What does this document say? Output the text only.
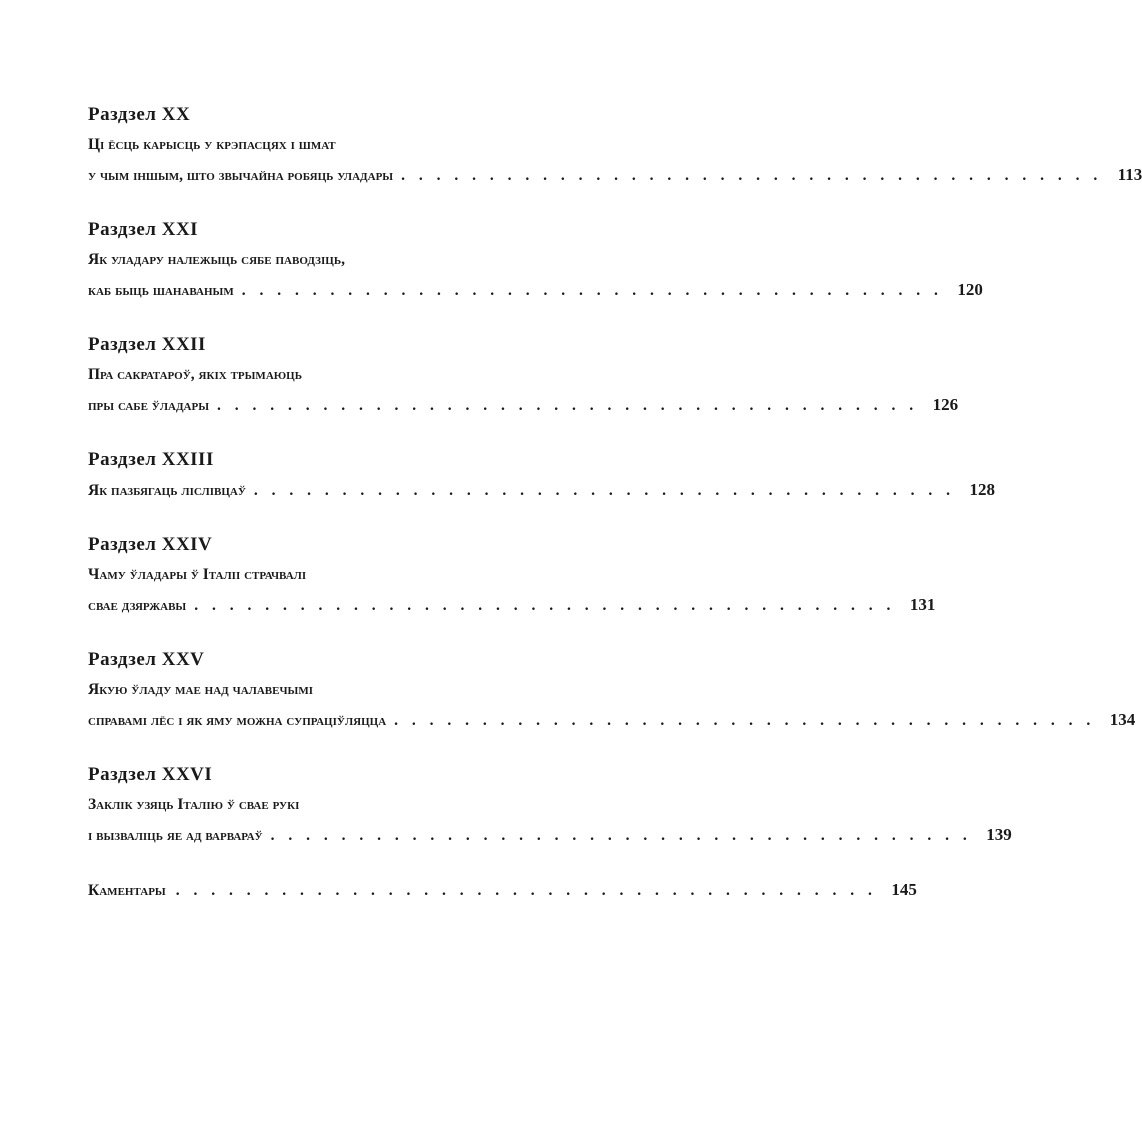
Раздзел XX
Ці ёсць карысць у крэпасцях і шмат
у чым іншым, што звычайна робяць уладары . . . . . . . . . . . . . . . . . . . . . . . . . . . . . . . . . . . . . . . . 113
Раздзел XXI
Як уладару належыць сябе паводзіць,
каб быць шанаваным . . . . . . . . . . . . . . . . . . . . . . . . . . . . . . . . . . . . . . . . 120
Раздзел XXII
Пра сакратароў, якіх трымаюць
пры сабе ўладары . . . . . . . . . . . . . . . . . . . . . . . . . . . . . . . . . . . . . . . . 126
Раздзел XXIII
Як пазбягаць ліслівцаў . . . . . . . . . . . . . . . . . . . . . . . . . . . . . . . . . . . . . . . . 128
Раздзел XXIV
Чаму ўладары ў Італіі страчвалі
свае дзяржавы . . . . . . . . . . . . . . . . . . . . . . . . . . . . . . . . . . . . . . . . 131
Раздзел XXV
Якую ўладу мае над чалавечымі
справамі лёс і як яму можна супрацiўляцца . . . . . . . . . . . . . . . . . . . . . . . . . . . . . . . . . . . . . . . . 134
Раздзел XXVI
Заклік узяць Італію ў свае рукі
і вызваліць яе ад варвараў . . . . . . . . . . . . . . . . . . . . . . . . . . . . . . . . . . . . . . . . 139
Каментары . . . . . . . . . . . . . . . . . . . . . . . . . . . . . . . . . . . . . . . . 145
